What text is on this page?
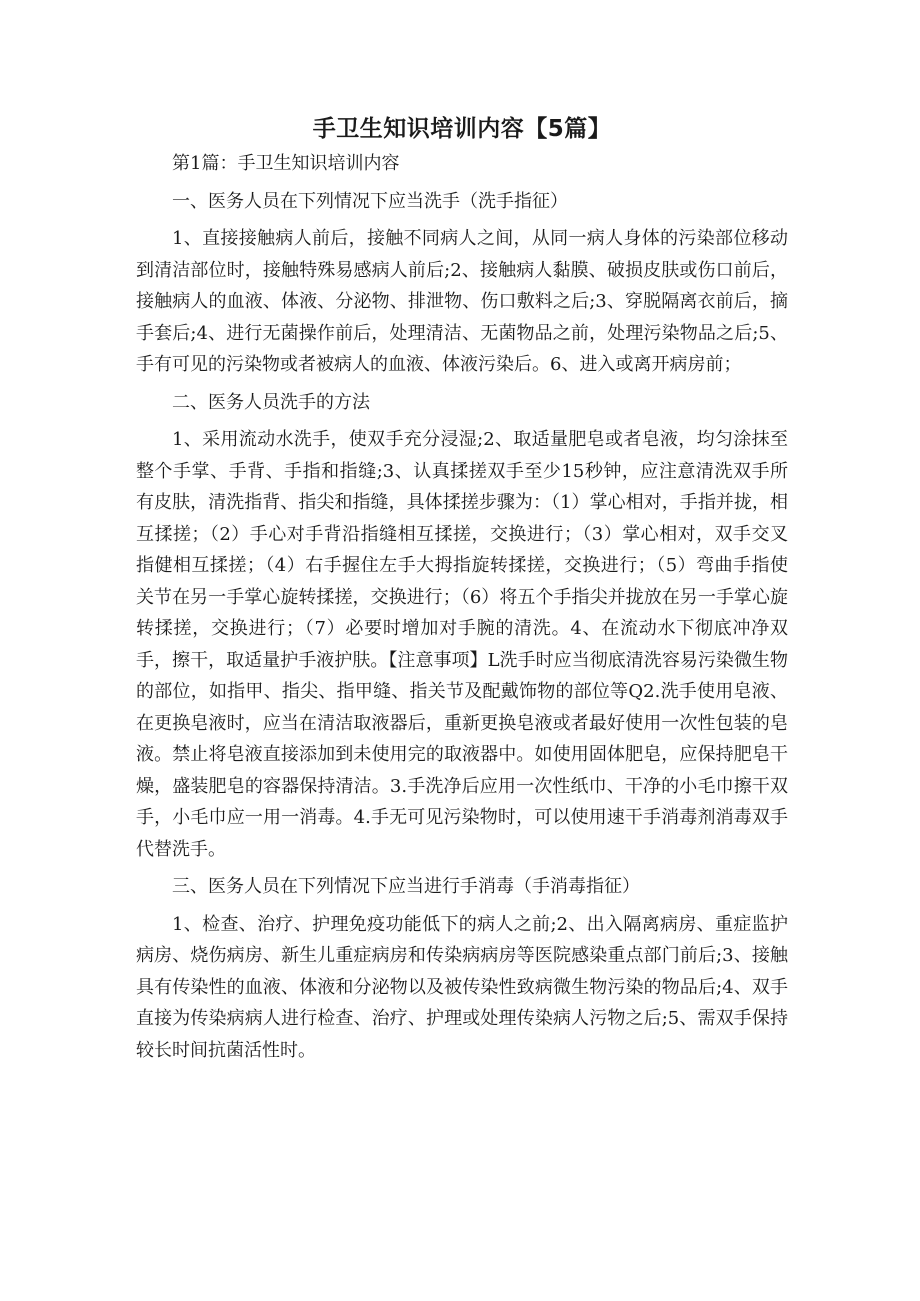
手卫生知识培训内容【5篇】

第1篇：手卫生知识培训内容

一、医务人员在下列情况下应当洗手（洗手指征）

1、直接接触病人前后，接触不同病人之间，从同一病人身体的污染部位移动到清洁部位时，接触特殊易感病人前后;2、接触病人黏膜、破损皮肤或伤口前后，接触病人的血液、体液、分泌物、排泄物、伤口敷料之后;3、穿脱隔离衣前后，摘手套后;4、进行无菌操作前后，处理清洁、无菌物品之前，处理污染物品之后;5、手有可见的污染物或者被病人的血液、体液污染后。6、进入或离开病房前；

二、医务人员洗手的方法

1、采用流动水洗手，使双手充分浸湿;2、取适量肥皂或者皂液，均匀涂抹至整个手掌、手背、手指和指缝;3、认真揉搓双手至少15秒钟，应注意清洗双手所有皮肤，清洗指背、指尖和指缝，具体揉搓步骤为：（1）掌心相对，手指并拢，相互揉搓；（2）手心对手背沿指缝相互揉搓，交换进行；（3）掌心相对，双手交叉指健相互揉搓；（4）右手握住左手大拇指旋转揉搓，交换进行；（5）弯曲手指使关节在另一手掌心旋转揉搓，交换进行；（6）将五个手指尖并拢放在另一手掌心旋转揉搓，交换进行；（7）必要时增加对手腕的清洗。4、在流动水下彻底冲净双手，擦干，取适量护手液护肤。【注意事项】L洗手时应当彻底清洗容易污染微生物的部位，如指甲、指尖、指甲缝、指关节及配戴饰物的部位等Q2.洗手使用皂液、在更换皂液时，应当在清洁取液器后，重新更换皂液或者最好使用一次性包装的皂液。禁止将皂液直接添加到未使用完的取液器中。如使用固体肥皂，应保持肥皂干燥，盛装肥皂的容器保持清洁。3.手洗净后应用一次性纸巾、干净的小毛巾擦干双手，小毛巾应一用一消毒。4.手无可见污染物时，可以使用速干手消毒剂消毒双手代替洗手。

三、医务人员在下列情况下应当进行手消毒（手消毒指征）

1、检查、治疗、护理免疫功能低下的病人之前;2、出入隔离病房、重症监护病房、烧伤病房、新生儿重症病房和传染病病房等医院感染重点部门前后;3、接触具有传染性的血液、体液和分泌物以及被传染性致病微生物污染的物品后;4、双手直接为传染病病人进行检查、治疗、护理或处理传染病人污物之后;5、需双手保持较长时间抗菌活性时。
